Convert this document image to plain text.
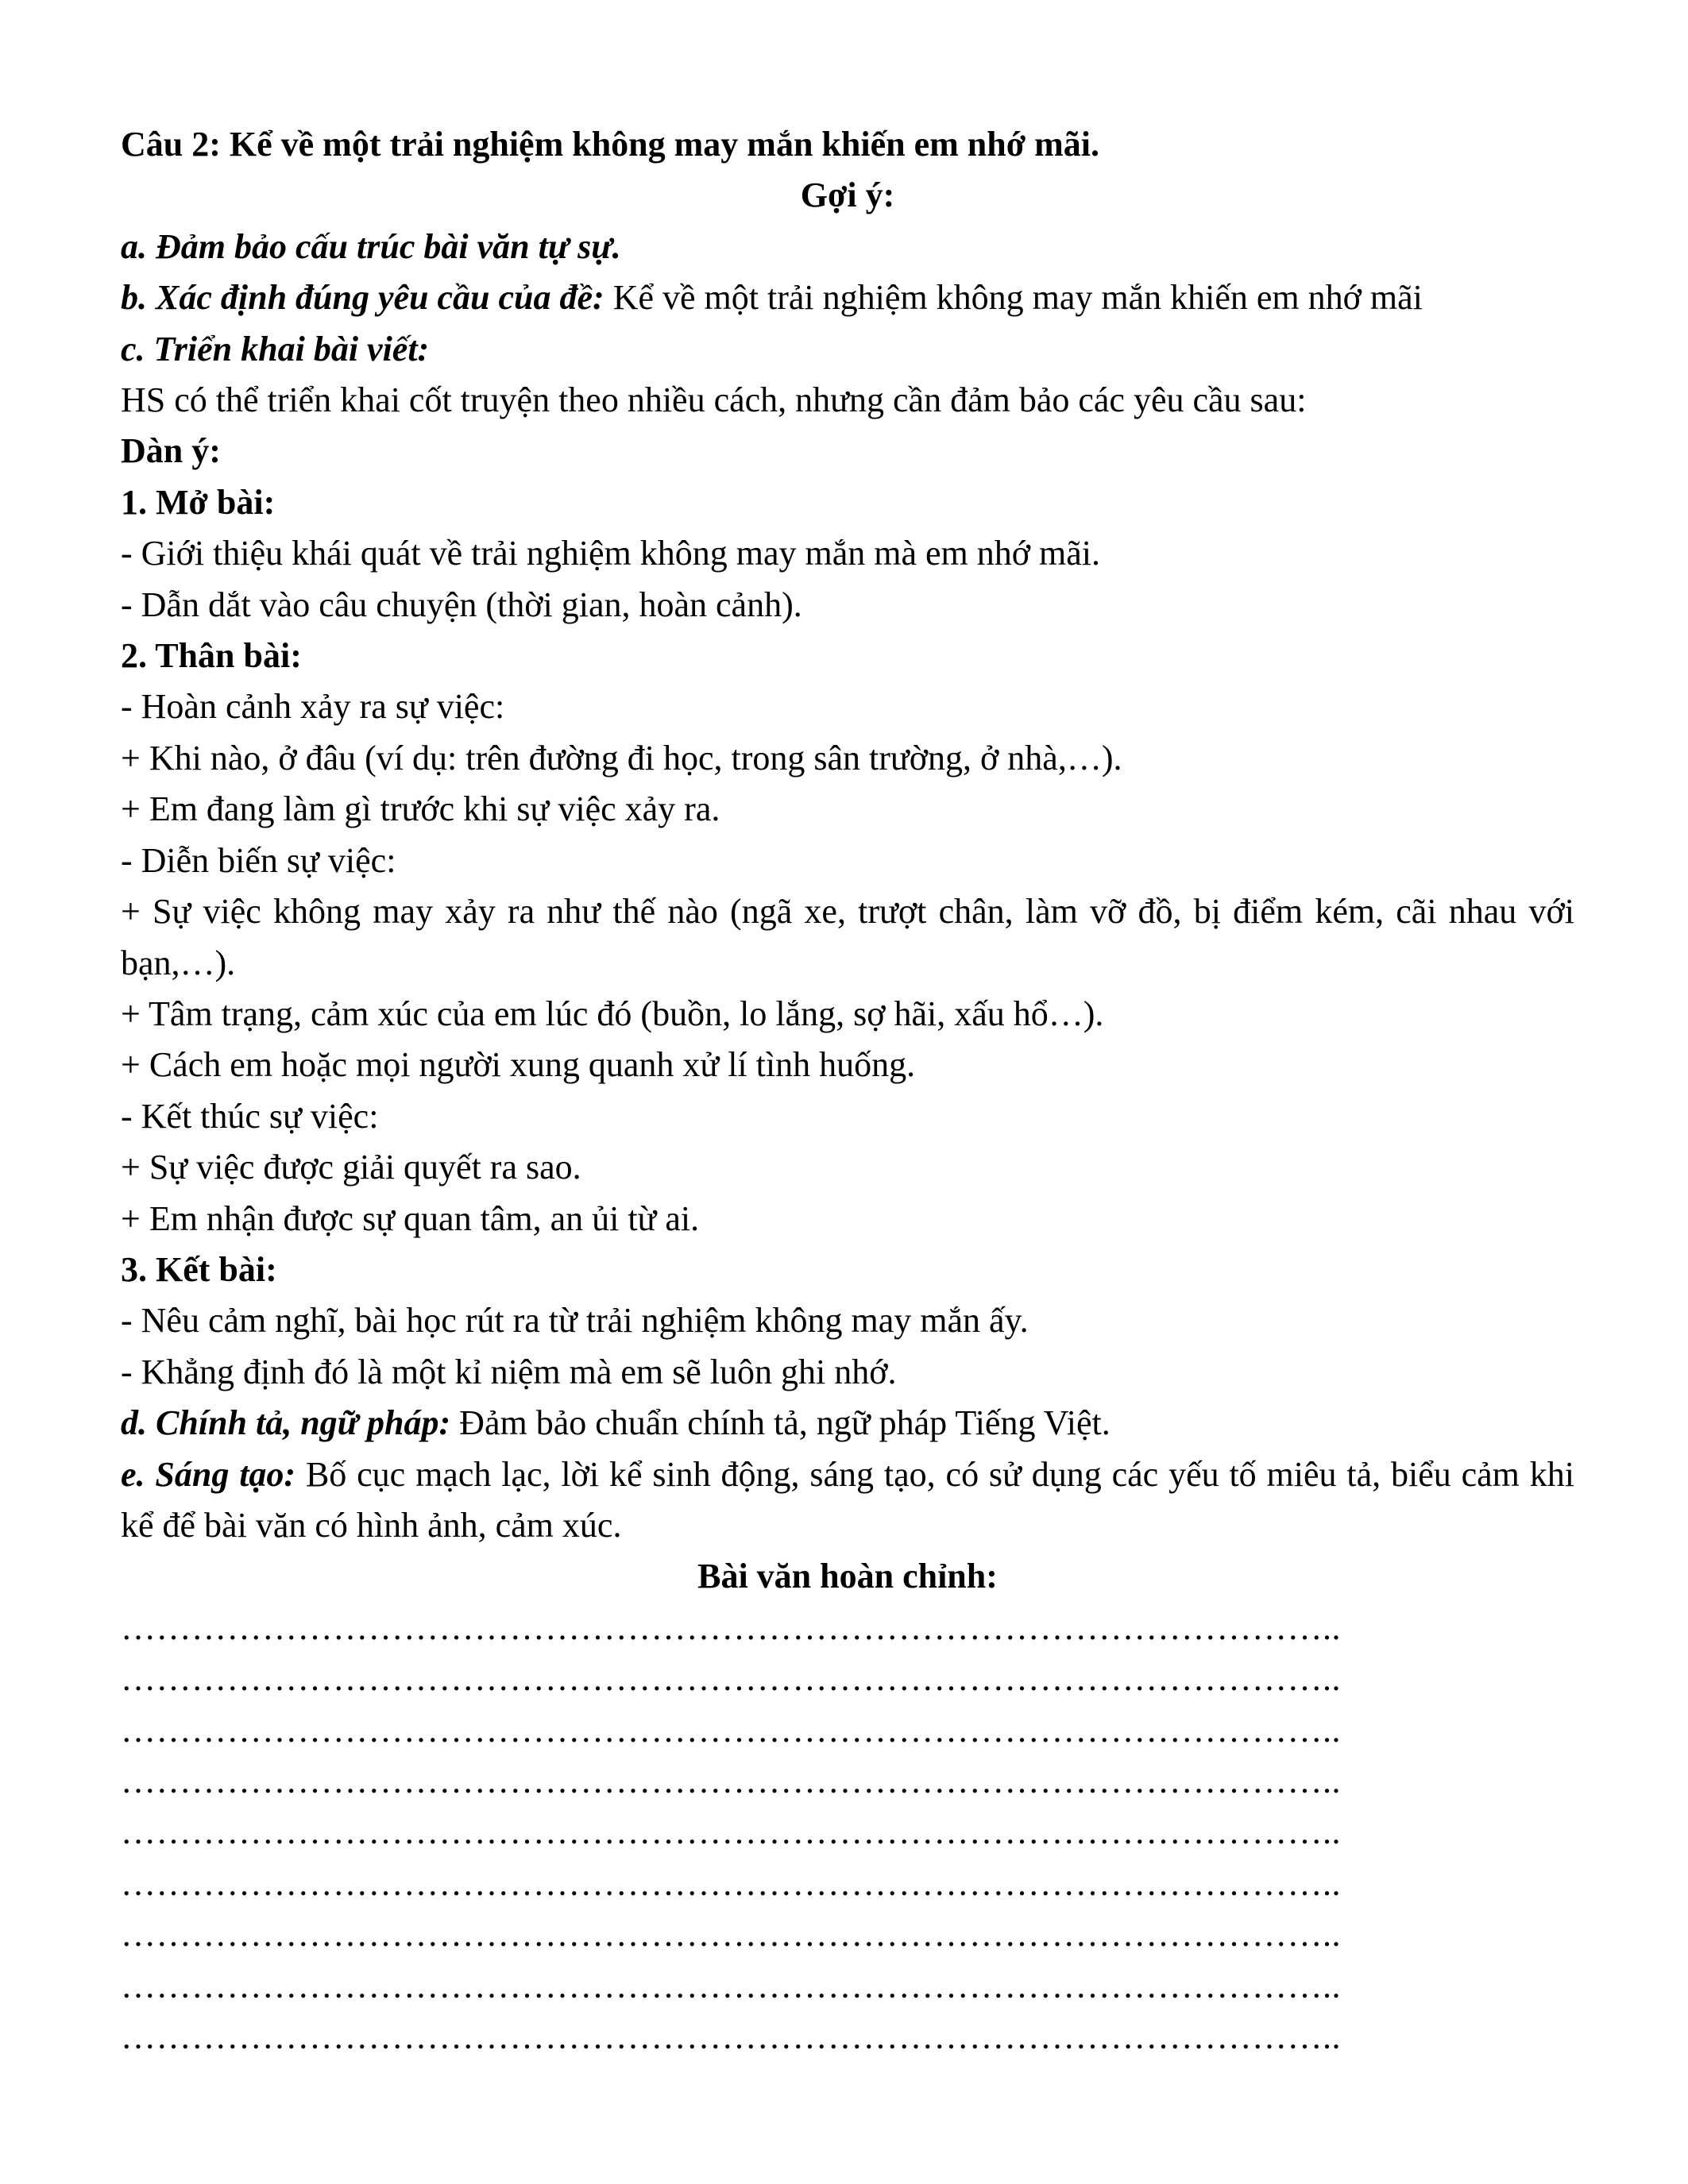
Câu 2: Kể về một trải nghiệm không may mắn khiến em nhớ mãi.
Gợi ý:
a. Đảm bảo cấu trúc bài văn tự sự.
b. Xác định đúng yêu cầu của đề: Kể về một trải nghiệm không may mắn khiến em nhớ mãi
c. Triển khai bài viết:
HS có thể triển khai cốt truyện theo nhiều cách, nhưng cần đảm bảo các yêu cầu sau:
Dàn ý:
1. Mở bài:
- Giới thiệu khái quát về trải nghiệm không may mắn mà em nhớ mãi.
- Dẫn dắt vào câu chuyện (thời gian, hoàn cảnh).
2. Thân bài:
- Hoàn cảnh xảy ra sự việc:
+ Khi nào, ở đâu (ví dụ: trên đường đi học, trong sân trường, ở nhà,…).
+ Em đang làm gì trước khi sự việc xảy ra.
- Diễn biến sự việc:
+ Sự việc không may xảy ra như thế nào (ngã xe, trượt chân, làm vỡ đồ, bị điểm kém, cãi nhau với bạn,…).
+ Tâm trạng, cảm xúc của em lúc đó (buồn, lo lắng, sợ hãi, xấu hổ…).
+ Cách em hoặc mọi người xung quanh xử lí tình huống.
- Kết thúc sự việc:
+ Sự việc được giải quyết ra sao.
+ Em nhận được sự quan tâm, an ủi từ ai.
3. Kết bài:
- Nêu cảm nghĩ, bài học rút ra từ trải nghiệm không may mắn ấy.
- Khẳng định đó là một kỉ niệm mà em sẽ luôn ghi nhớ.
d. Chính tả, ngữ pháp: Đảm bảo chuẩn chính tả, ngữ pháp Tiếng Việt.
e. Sáng tạo: Bố cục mạch lạc, lời kể sinh động, sáng tạo, có sử dụng các yếu tố miêu tả, biểu cảm khi kể để bài văn có hình ảnh, cảm xúc.
Bài văn hoàn chỉnh:
…………………………………………………………………………………………..
…………………………………………………………………………………………..
…………………………………………………………………………………………..
…………………………………………………………………………………………..
…………………………………………………………………………………………..
…………………………………………………………………………………………..
…………………………………………………………………………………………..
…………………………………………………………………………………………..
…………………………………………………………………………………………..
